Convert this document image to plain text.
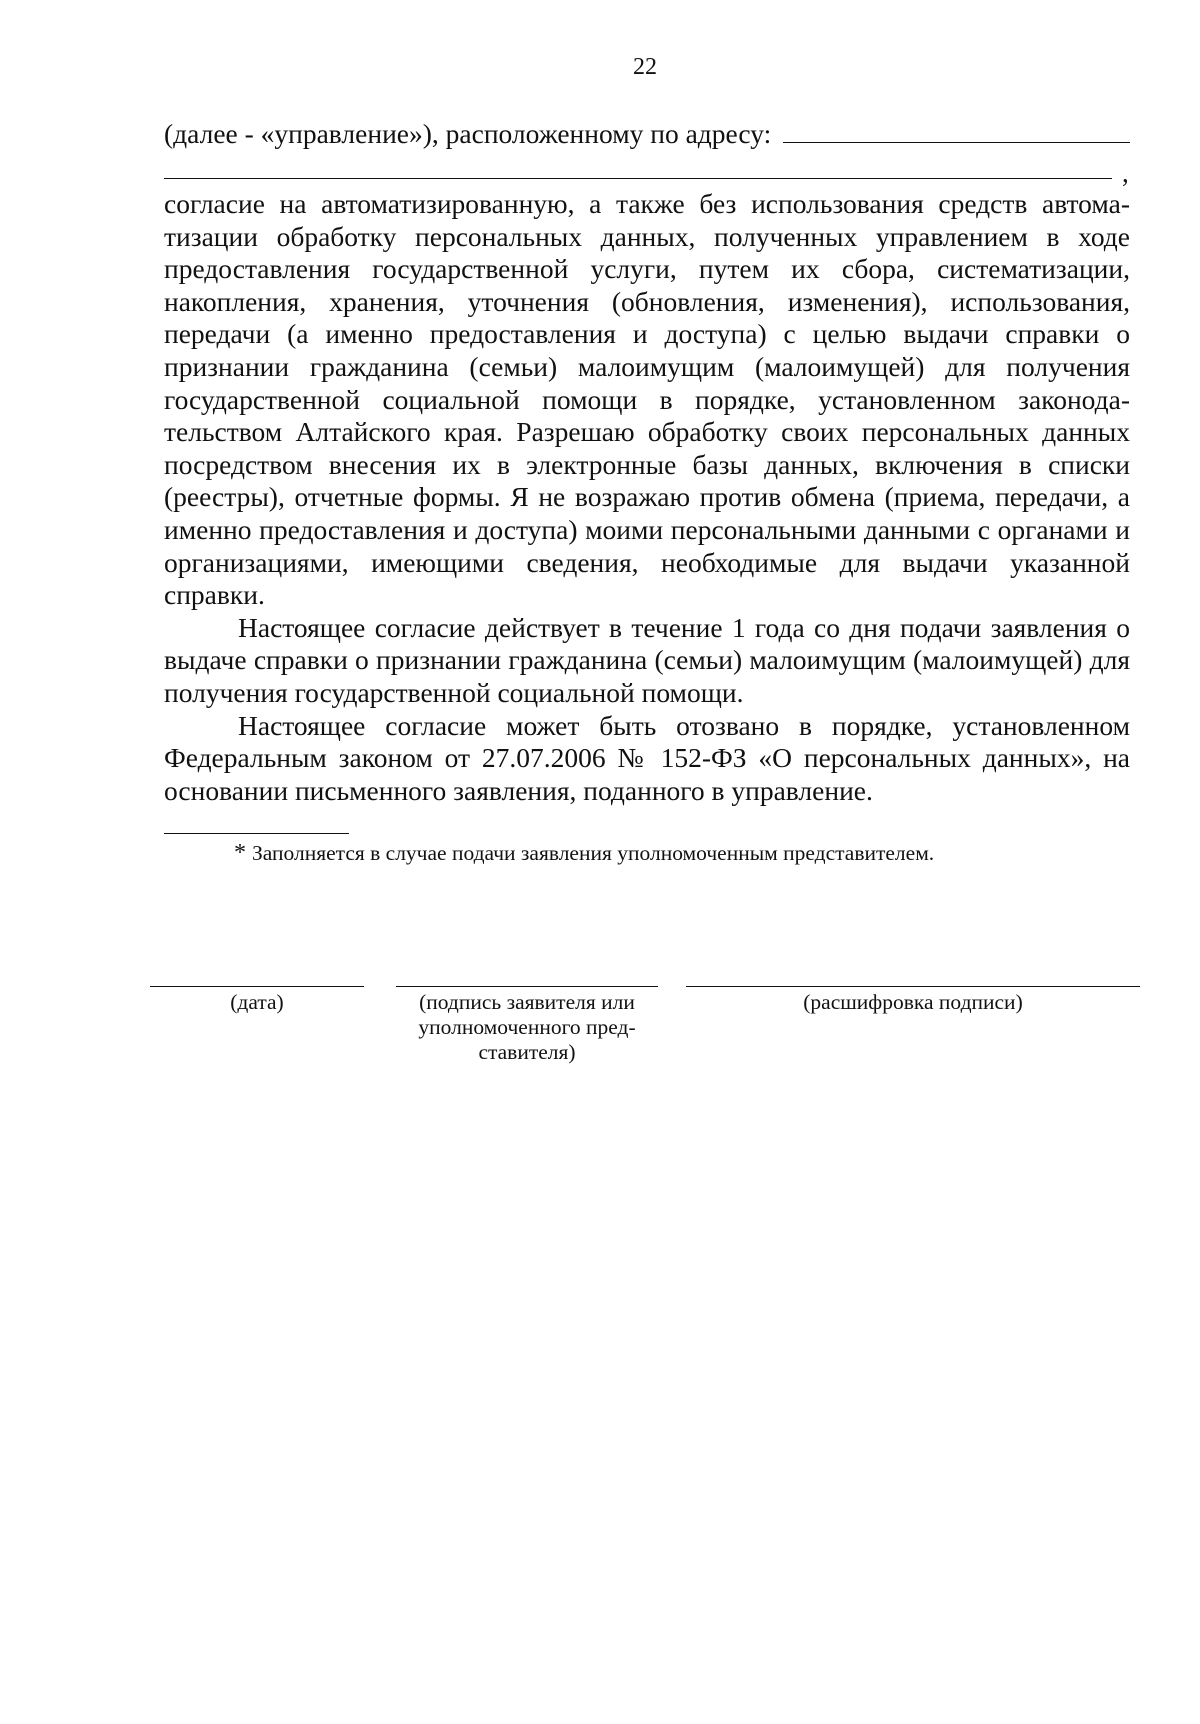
22
(далее - «управление»), расположенному по адресу:
,

согласие на автоматизированную, а также без использования средств автоматизации обработку персональных данных, полученных управлением в ходе предоставления государственной услуги, путем их сбора, систематизации, накопления, хранения, уточнения (обновления, изменения), использования, передачи (а именно предоставления и доступа) с целью выдачи справки о признании гражданина (семьи) малоимущим (малоимущей) для получения государственной социальной помощи в порядке, установленном законодательством Алтайского края. Разрешаю обработку своих персональных данных посредством внесения их в электронные базы данных, включения в списки (реестры), отчетные формы. Я не возражаю против обмена (приема, передачи, а именно предоставления и доступа) моими персональными данными с органами и организациями, имеющими сведения, необходимые для выдачи указанной справки.

Настоящее согласие действует в течение 1 года со дня подачи заявления о выдаче справки о признании гражданина (семьи) малоимущим (малоимущей) для получения государственной социальной помощи.

Настоящее согласие может быть отозвано в порядке, установленном Федеральным законом от 27.07.2006 № 152-ФЗ «О персональных данных», на основании письменного заявления, поданного в управление.

* Заполняется в случае подачи заявления уполномоченным представителем.
(дата)	(подпись заявителя или уполномоченного представителя)
(расшифровка подписи)
